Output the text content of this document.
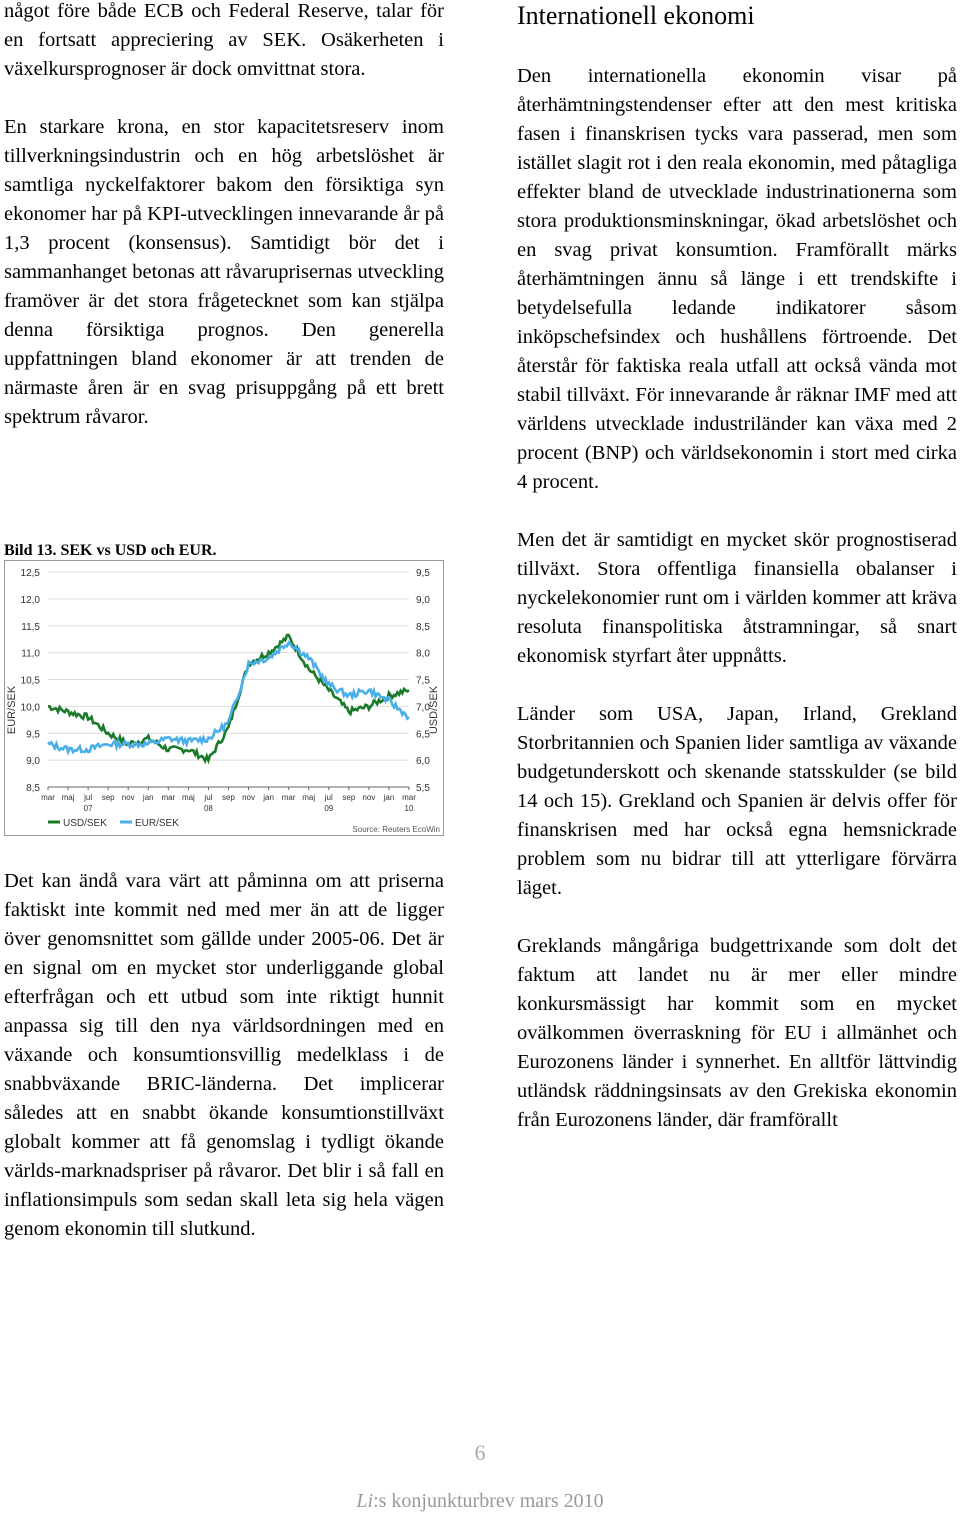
något före både ECB och Federal Reserve, talar för en fortsatt appreciering av SEK. Osäkerheten i växelkursprognoser är dock omvittnat stora.

En starkare krona, en stor kapacitetsreserv inom tillverkningsindustrin och en hög arbetslöshet är samtliga nyckelfaktorer bakom den försiktiga syn ekonomer har på KPI-utvecklingen innevarande år på 1,3 procent (konsensus). Samtidigt bör det i sammanhanget betonas att råvaruprisernas utveckling framöver är det stora frågetecknet som kan stjälpa denna försiktiga prognos. Den generella uppfattningen bland ekonomer är att trenden de närmaste åren är en svag prisuppgång på ett brett spektrum råvaror.

Bild 13. SEK vs USD och EUR.
12,5
12,0
11,5
11,0
10,5
10,0
9,5
9,0
8,5
9,5
9,0
8,5
8,0
7,5
7,0
6,5
6,0
5,5
mar maj jul sep nov jan mar maj jul sep nov jan mar maj jul sep nov jan mar
07	08	09	10
USD/SEK	EUR/SEK
EUR/SEK	USD/SEK
Source: Reuters EcoWin

Det kan ändå vara värt att påminna om att priserna faktiskt inte kommit ned med mer än att de ligger över genomsnittet som gällde under 2005-06. Det är en signal om en mycket stor underliggande global efterfrågan och ett utbud som inte riktigt hunnit anpassa sig till den nya världsordningen med en växande och konsumtionsvillig medelklass i de snabbväxande BRIC-länderna. Det implicerar således att en snabbt ökande konsumtionstillväxt globalt kommer att få genomslag i tydligt ökande världs-marknadspriser på råvaror. Det blir i så fall en inflationsimpuls som sedan skall leta sig hela vägen genom ekonomin till slutkund.

Internationell ekonomi

Den internationella ekonomin visar på återhämtningstendenser efter att den mest kritiska fasen i finanskrisen tycks vara passerad, men som istället slagit rot i den reala ekonomin, med påtagliga effekter bland de utvecklade industrinationerna som stora produktionsminskningar, ökad arbetslöshet och en svag privat konsumtion. Framförallt märks återhämtningen ännu så länge i ett trendskifte i betydelsefulla ledande indikatorer såsom inköpschefsindex och hushållens förtroende. Det återstår för faktiska reala utfall att också vända mot stabil tillväxt. För innevarande år räknar IMF med att världens utvecklade industriländer kan växa med 2 procent (BNP) och världsekonomin i stort med cirka 4 procent.

Men det är samtidigt en mycket skör prognostiserad tillväxt. Stora offentliga finansiella obalanser i nyckelekonomier runt om i världen kommer att kräva resoluta finanspolitiska åtstramningar, så snart ekonomisk styrfart åter uppnåtts.

Länder som USA, Japan, Irland, Grekland Storbritannien och Spanien lider samtliga av växande budgetunderskott och skenande statsskulder (se bild 14 och 15). Grekland och Spanien är delvis offer för finanskrisen med har också egna hemsnickrade problem som nu bidrar till att ytterligare förvärra läget.

Greklands mångåriga budgettrixande som dolt det faktum att landet nu är mer eller mindre konkursmässigt har kommit som en mycket ovälkommen överraskning för EU i allmänhet och Eurozonens länder i synnerhet. En alltför lättvindig utländsk räddningsinsats av den Grekiska ekonomin från Eurozonens länder, där framförallt

6
Li:s konjunkturbrev mars 2010
